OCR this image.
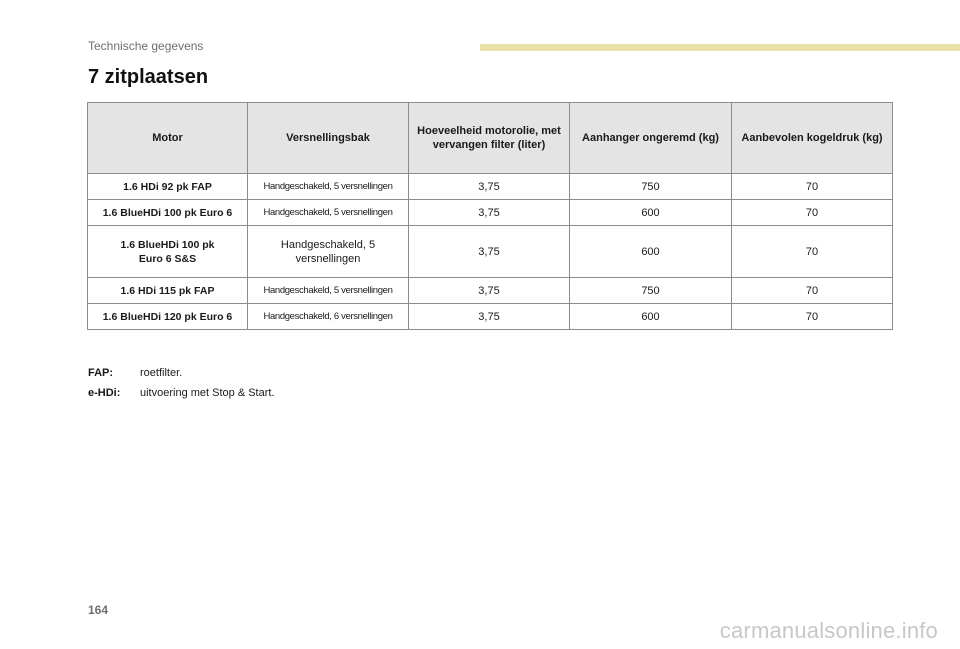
Technische gegevens
7 zitplaatsen
Motor	Versnellingsbak	Hoeveelheid motorolie, met vervangen filter (liter)	Aanhanger ongeremd (kg)	Aanbevolen kogeldruk (kg)
1.6 HDi 92 pk FAP	Handgeschakeld, 5 versnellingen	3,75	750	70
1.6 BlueHDi 100 pk Euro 6	Handgeschakeld, 5 versnellingen	3,75	600	70
1.6 BlueHDi 100 pk Euro 6 S&S	Handgeschakeld, 5 versnellingen	3,75	600	70
1.6 HDi 115 pk FAP	Handgeschakeld, 5 versnellingen	3,75	750	70
1.6 BlueHDi 120 pk Euro 6	Handgeschakeld, 6 versnellingen	3,75	600	70
FAP: roetfilter.
e-HDi: uitvoering met Stop & Start.
164
carmanualsonline.info
